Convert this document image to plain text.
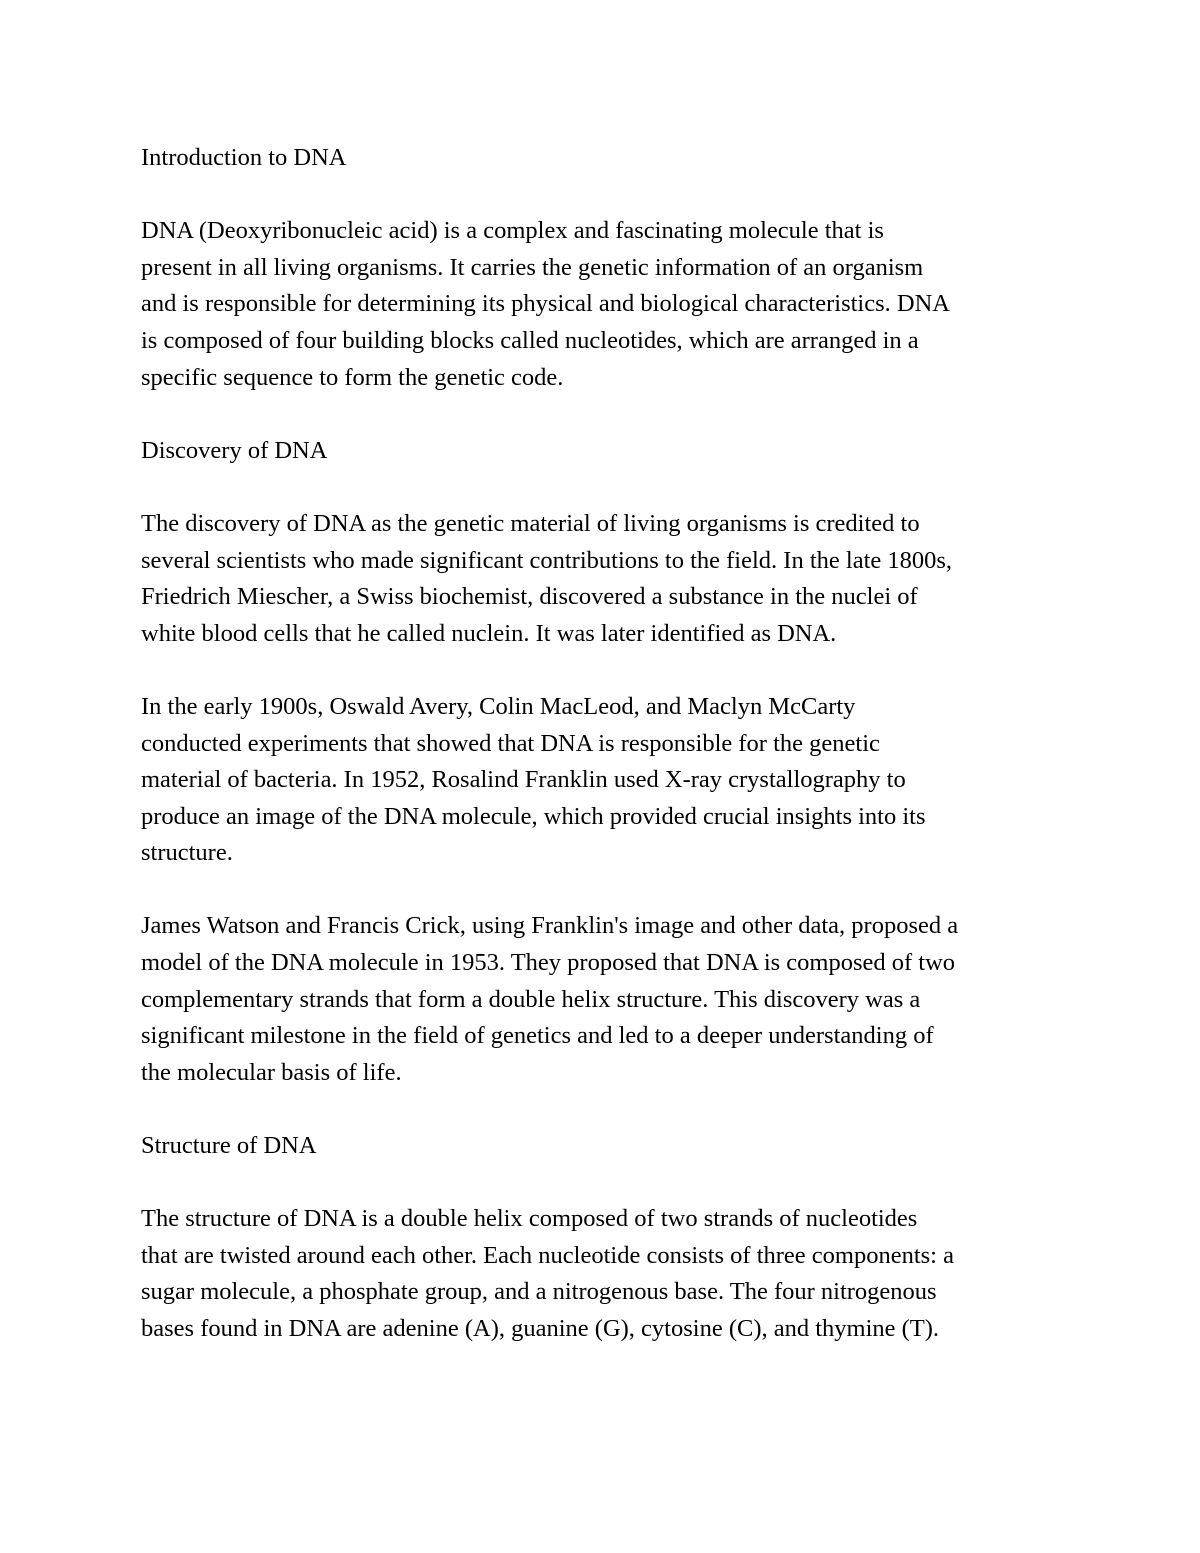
Introduction to DNA

DNA (Deoxyribonucleic acid) is a complex and fascinating molecule that is
present in all living organisms. It carries the genetic information of an organism
and is responsible for determining its physical and biological characteristics. DNA
is composed of four building blocks called nucleotides, which are arranged in a
specific sequence to form the genetic code.

Discovery of DNA

The discovery of DNA as the genetic material of living organisms is credited to
several scientists who made significant contributions to the field. In the late 1800s,
Friedrich Miescher, a Swiss biochemist, discovered a substance in the nuclei of
white blood cells that he called nuclein. It was later identified as DNA.

In the early 1900s, Oswald Avery, Colin MacLeod, and Maclyn McCarty
conducted experiments that showed that DNA is responsible for the genetic
material of bacteria. In 1952, Rosalind Franklin used X-ray crystallography to
produce an image of the DNA molecule, which provided crucial insights into its
structure.

James Watson and Francis Crick, using Franklin's image and other data, proposed a
model of the DNA molecule in 1953. They proposed that DNA is composed of two
complementary strands that form a double helix structure. This discovery was a
significant milestone in the field of genetics and led to a deeper understanding of
the molecular basis of life.

Structure of DNA

The structure of DNA is a double helix composed of two strands of nucleotides
that are twisted around each other. Each nucleotide consists of three components: a
sugar molecule, a phosphate group, and a nitrogenous base. The four nitrogenous
bases found in DNA are adenine (A), guanine (G), cytosine (C), and thymine (T).
